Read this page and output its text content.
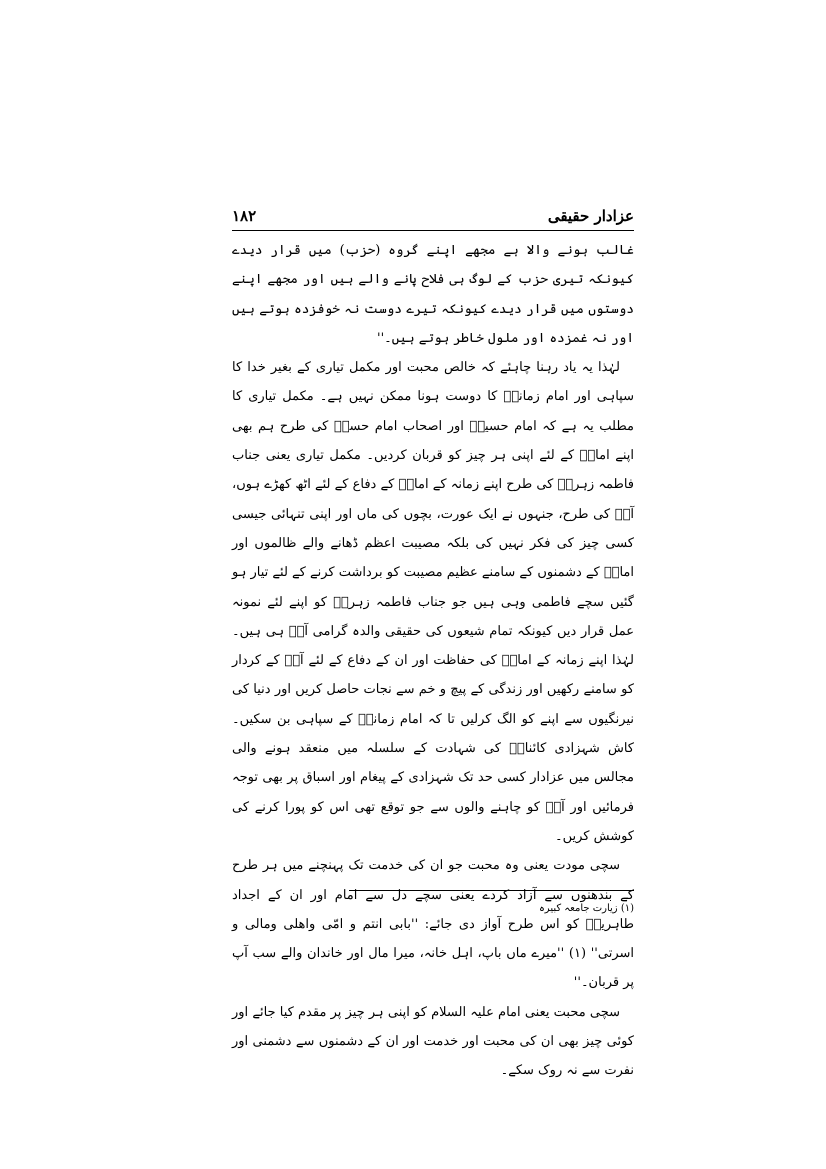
عزادار حقیقی
۱۸۲

غالب ہونے والا ہے مجھے اپنے گروہ (حزب) میں قرار دیدے کیونکہ تیری حزب کے لوگ ہی فلاح پانے والے ہیں اور مجھے اپنے دوستوں میں قرار دیدے کیونکہ تیرے دوست نہ خوفزدہ ہوتے ہیں اور نہ غمزدہ اور ملول خاطر ہوتے ہیں۔''

لہٰذا یہ یاد رہنا چاہئے کہ خالص محبت اور مکمل تیاری کے بغیر خدا کا سپاہی اور امام زمانہؑ کا دوست ہونا ممکن نہیں ہے۔ مکمل تیاری کا مطلب یہ ہے کہ امام حسینؑ اور اصحاب امام حسنؑ کی طرح ہم بھی اپنے امامؑ کے لئے اپنی ہر چیز کو قربان کردیں۔ مکمل تیاری یعنی جناب فاطمہ زہراؑ کی طرح اپنے زمانہ کے امامؑ کے دفاع کے لئے اٹھ کھڑے ہوں، آپؑ کی طرح، جنہوں نے ایک عورت، بچوں کی ماں اور اپنی تنہائی جیسی کسی چیز کی فکر نہیں کی بلکہ مصیبت اعظم ڈھانے والے ظالموں اور امامؑ کے دشمنوں کے سامنے عظیم مصیبت کو برداشت کرنے کے لئے تیار ہو گئیں سچے فاطمی وہی ہیں جو جناب فاطمہ زہراؑ کو اپنے لئے نمونہ عمل قرار دیں کیونکہ تمام شیعوں کی حقیقی والدہ گرامی آپؑ ہی ہیں۔ لہٰذا اپنے زمانہ کے امامؑ کی حفاظت اور ان کے دفاع کے لئے آپؑ کے کردار کو سامنے رکھیں اور زندگی کے پیچ و خم سے نجات حاصل کریں اور دنیا کی نیرنگیوں سے اپنے کو الگ کرلیں تا کہ امام زمانہؑ کے سپاہی بن سکیں۔ کاش شہزادی کائناتؑ کی شہادت کے سلسلہ میں منعقد ہونے والی مجالس میں عزادار کسی حد تک شہزادی کے پیغام اور اسباق پر بھی توجہ فرمائیں اور آپؑ کو چاہنے والوں سے جو توقع تھی اس کو پورا کرنے کی کوشش کریں۔

سچی مودت یعنی وہ محبت جو ان کی خدمت تک پہنچنے میں ہر طرح کے بندھنوں سے آزاد کردے یعنی سچے دل سے امام اور ان کے اجداد طاہرینؑ کو اس طرح آواز دی جائے: ''بابی انتم و امّی واھلی ومالی و اسرتی'' (۱) ''میرے ماں باپ، اہل خانہ، میرا مال اور خاندان والے سب آپ پر قربان۔''

سچی محبت یعنی امام علیہ السلام کو اپنی ہر چیز پر مقدم کیا جائے اور کوئی چیز بھی ان کی محبت اور خدمت اور ان کے دشمنوں سے دشمنی اور نفرت سے نہ روک سکے۔

(۱) زیارت جامعہ کبیرہ
